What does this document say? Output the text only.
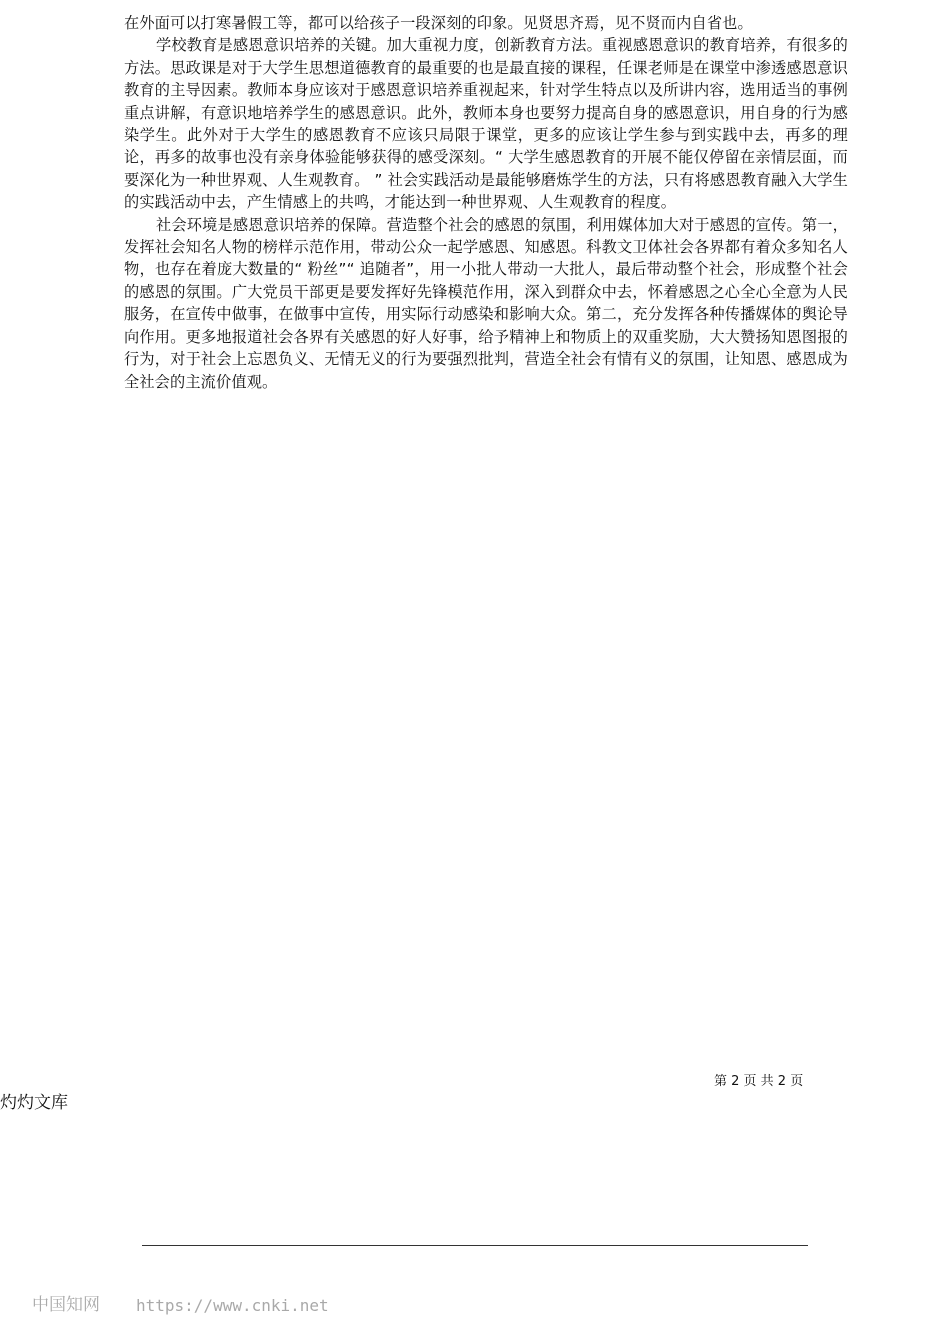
在外面可以打寒暑假工等，都可以给孩子一段深刻的印象。见贤思齐焉，见不贤而内自省也。

学校教育是感恩意识培养的关键。加大重视力度，创新教育方法。重视感恩意识的教育培养，有很多的方法。思政课是对于大学生思想道德教育的最重要的也是最直接的课程，任课老师是在课堂中渗透感恩意识教育的主导因素。教师本身应该对于感恩意识培养重视起来，针对学生特点以及所讲内容，选用适当的事例重点讲解，有意识地培养学生的感恩意识。此外，教师本身也要努力提高自身的感恩意识，用自身的行为感染学生。此外对于大学生的感恩教育不应该只局限于课堂，更多的应该让学生参与到实践中去，再多的理论，再多的故事也没有亲身体验能够获得的感受深刻。“ 大学生感恩教育的开展不能仅停留在亲情层面，而要深化为一种世界观、人生观教育。 ” 社会实践活动是最能够磨炼学生的方法，只有将感恩教育融入大学生的实践活动中去，产生情感上的共鸣，才能达到一种世界观、人生观教育的程度。

社会环境是感恩意识培养的保障。营造整个社会的感恩的氛围，利用媒体加大对于感恩的宣传。第一，发挥社会知名人物的榜样示范作用，带动公众一起学感恩、知感恩。科教文卫体社会各界都有着众多知名人物，也存在着庞大数量的“ 粉丝”“ 追随者”，用一小批人带动一大批人，最后带动整个社会，形成整个社会的感恩的氛围。广大党员干部更是要发挥好先锋模范作用，深入到群众中去，怀着感恩之心全心全意为人民服务，在宣传中做事，在做事中宣传，用实际行动感染和影响大众。第二，充分发挥各种传播媒体的舆论导向作用。更多地报道社会各界有关感恩的好人好事，给予精神上和物质上的双重奖励，大大赞扬知恩图报的行为，对于社会上忘恩负义、无情无义的行为要强烈批判，营造全社会有情有义的氛围，让知恩、感恩成为全社会的主流价值观。

第 2 页 共 2 页
灼灼文库
中国知网 https://www.cnki.net
